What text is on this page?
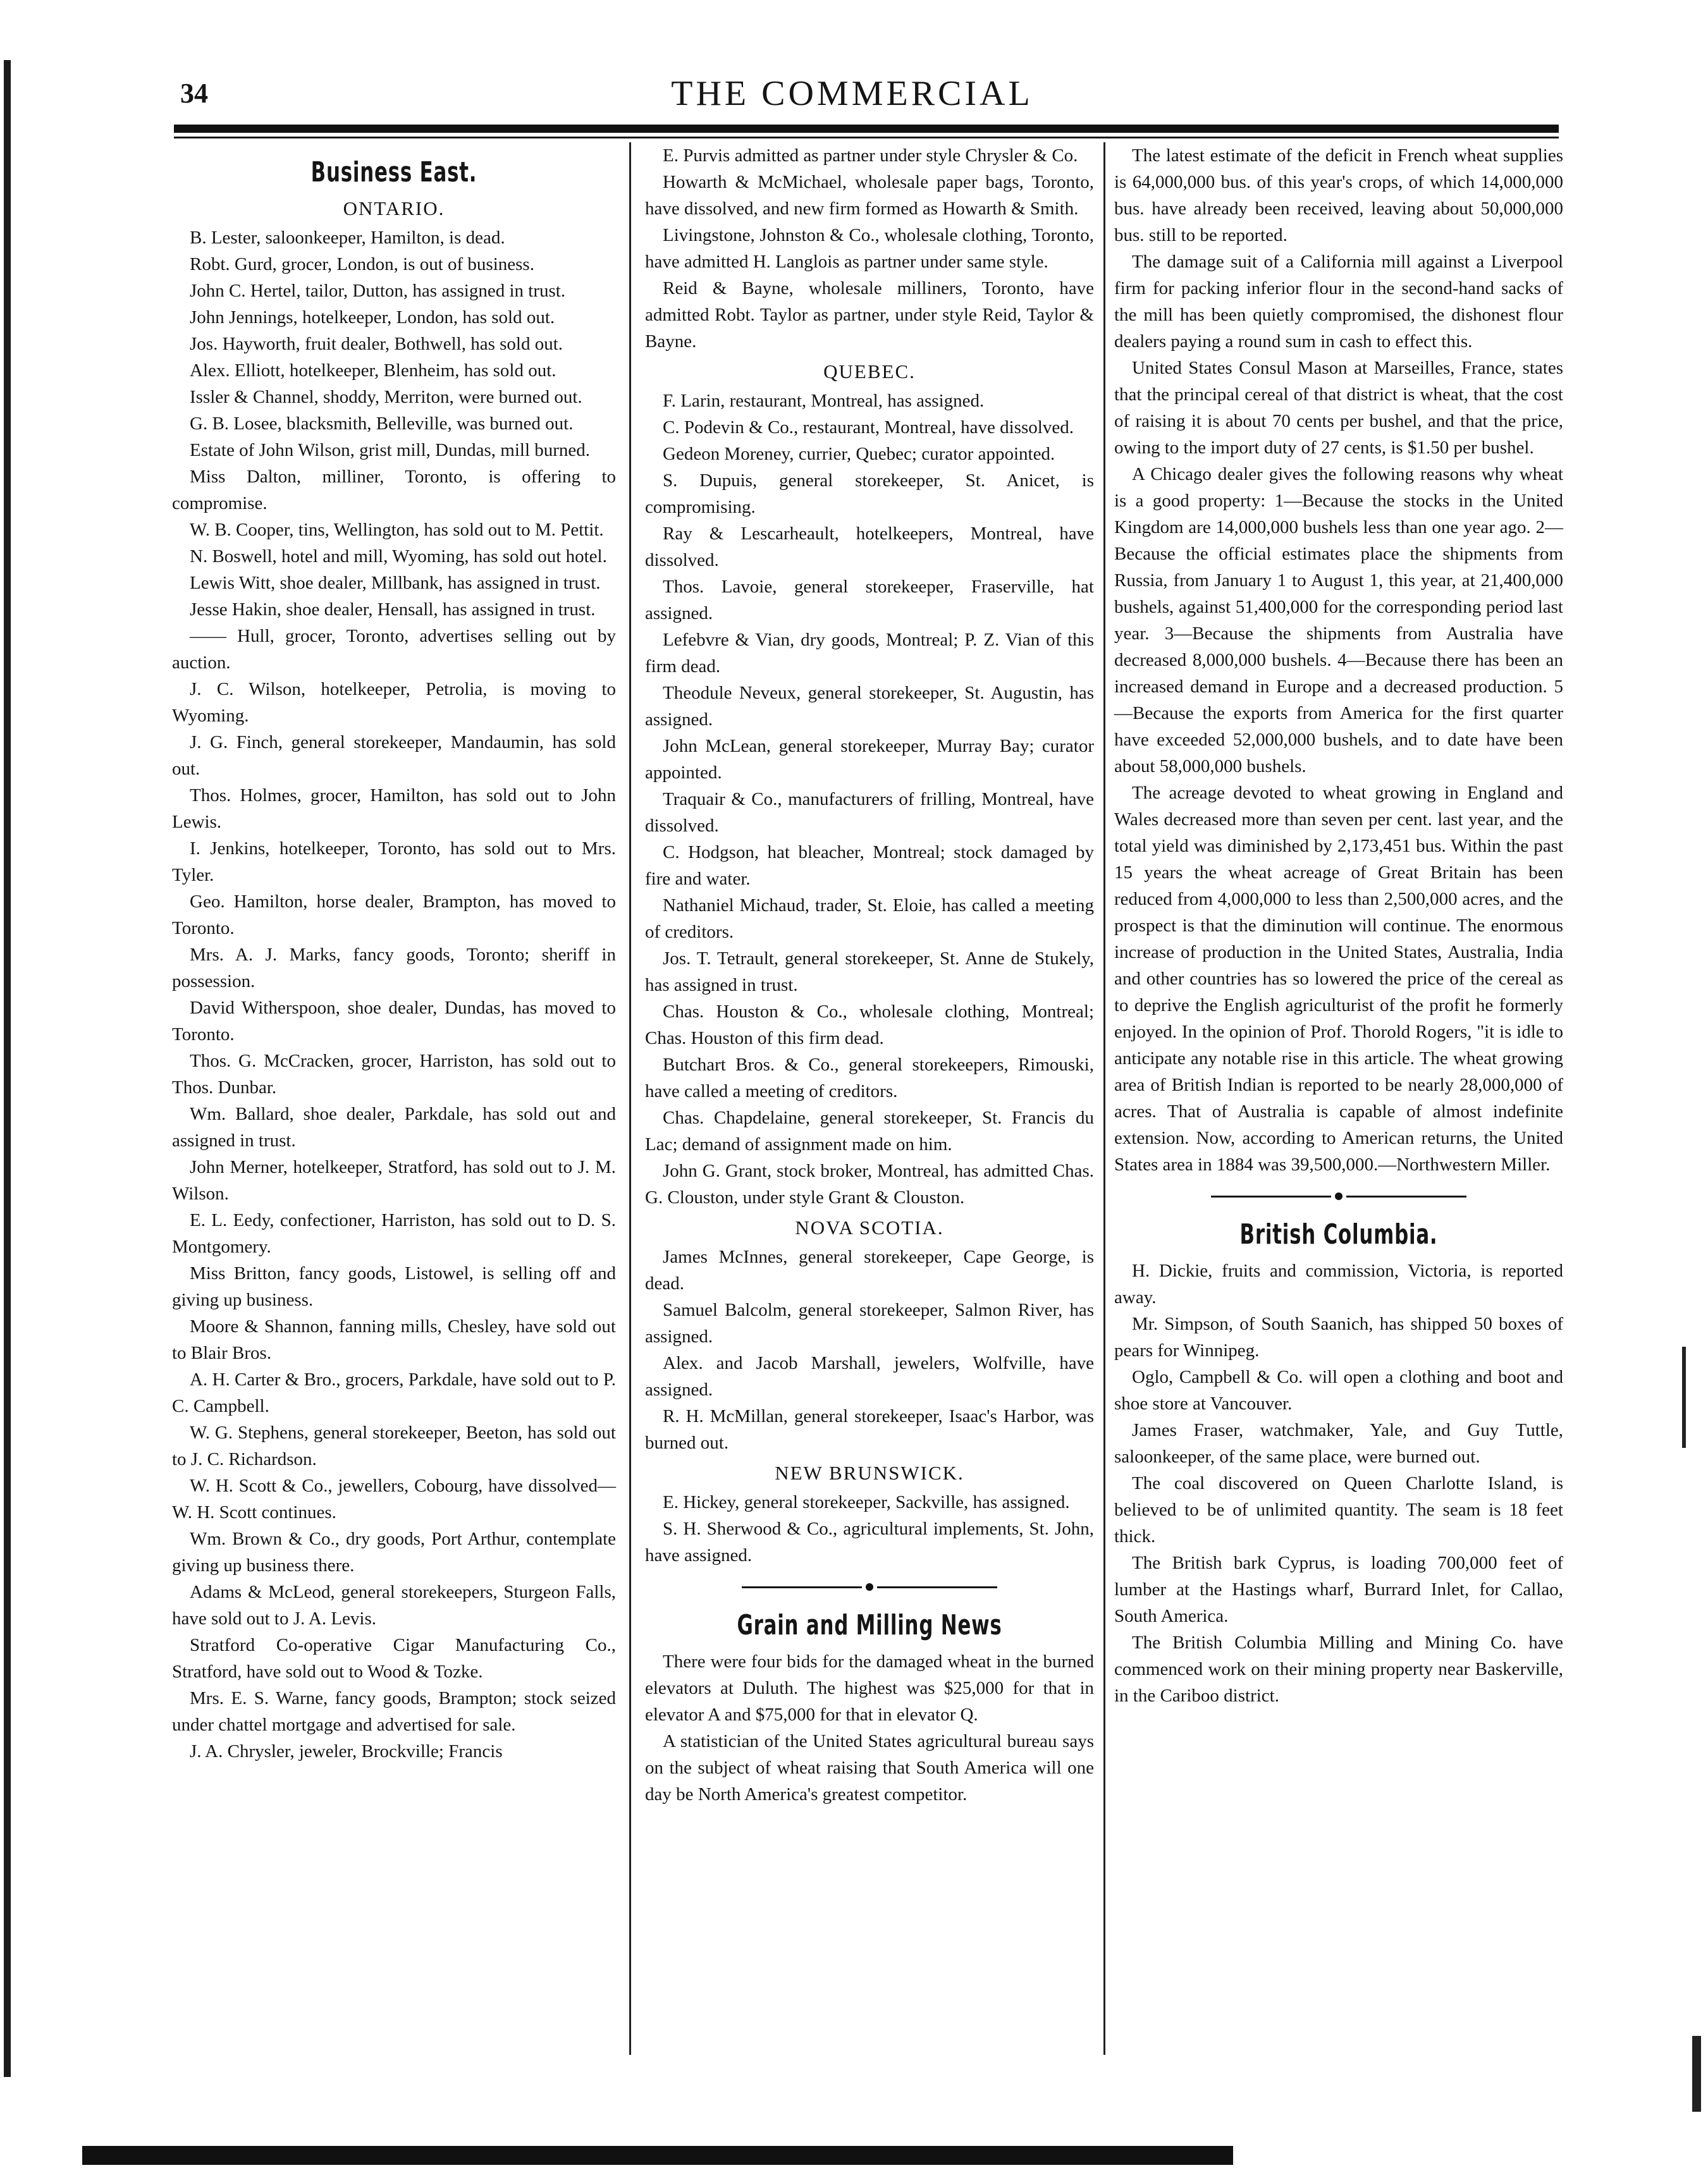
34	THE COMMERCIAL
Business East.
ONTARIO.

B. Lester, saloonkeeper, Hamilton, is dead.

Robt. Gurd, grocer, London, is out of business.

John C. Hertel, tailor, Dutton, has assigned in trust.

John Jennings, hotelkeeper, London, has sold out.

Jos. Hayworth, fruit dealer, Bothwell, has sold out.

Alex. Elliott, hotelkeeper, Blenheim, has sold out.

Issler & Channel, shoddy, Merriton, were burned out.

G. B. Losee, blacksmith, Belleville, was burned out.

Estate of John Wilson, grist mill, Dundas, mill burned.

Miss Dalton, milliner, Toronto, is offering to compromise.

W. B. Cooper, tins, Wellington, has sold out to M. Pettit.

N. Boswell, hotel and mill, Wyoming, has sold out hotel.

Lewis Witt, shoe dealer, Millbank, has assigned in trust.

Jesse Hakin, shoe dealer, Hensall, has assigned in trust.

—— Hull, grocer, Toronto, advertises selling out by auction.

J. C. Wilson, hotelkeeper, Petrolia, is moving to Wyoming.

J. G. Finch, general storekeeper, Mandaumin, has sold out.

Thos. Holmes, grocer, Hamilton, has sold out to John Lewis.

I. Jenkins, hotelkeeper, Toronto, has sold out to Mrs. Tyler.

Geo. Hamilton, horse dealer, Brampton, has moved to Toronto.

Mrs. A. J. Marks, fancy goods, Toronto; sheriff in possession.

David Witherspoon, shoe dealer, Dundas, has moved to Toronto.

Thos. G. McCracken, grocer, Harriston, has sold out to Thos. Dunbar.

Wm. Ballard, shoe dealer, Parkdale, has sold out and assigned in trust.

John Merner, hotelkeeper, Stratford, has sold out to J. M. Wilson.

E. L. Eedy, confectioner, Harriston, has sold out to D. S. Montgomery.

Miss Britton, fancy goods, Listowel, is selling off and giving up business.

Moore & Shannon, fanning mills, Chesley, have sold out to Blair Bros.

A. H. Carter & Bro., grocers, Parkdale, have sold out to P. C. Campbell.

W. G. Stephens, general storekeeper, Beeton, has sold out to J. C. Richardson.

W. H. Scott & Co., jewellers, Cobourg, have dissolved—W. H. Scott continues.

Wm. Brown & Co., dry goods, Port Arthur, contemplate giving up business there.

Adams & McLeod, general storekeepers, Sturgeon Falls, have sold out to J. A. Levis.

Stratford Co-operative Cigar Manufacturing Co., Stratford, have sold out to Wood & Tozke.

Mrs. E. S. Warne, fancy goods, Brampton; stock seized under chattel mortgage and advertised for sale.

J. A. Chrysler, jeweler, Brockville; Francis

E. Purvis admitted as partner under style Chrysler & Co.

Howarth & McMichael, wholesale paper bags, Toronto, have dissolved, and new firm formed as Howarth & Smith.

Livingstone, Johnston & Co., wholesale clothing, Toronto, have admitted H. Langlois as partner under same style.

Reid & Bayne, wholesale milliners, Toronto, have admitted Robt. Taylor as partner, under style Reid, Taylor & Bayne.

QUEBEC.

F. Larin, restaurant, Montreal, has assigned.

C. Podevin & Co., restaurant, Montreal, have dissolved.

Gedeon Moreney, currier, Quebec; curator appointed.

S. Dupuis, general storekeeper, St. Anicet, is compromising.

Ray & Lescarheault, hotelkeepers, Montreal, have dissolved.

Thos. Lavoie, general storekeeper, Fraserville, hat assigned.

Lefebvre & Vian, dry goods, Montreal; P. Z. Vian of this firm dead.

Theodule Neveux, general storekeeper, St. Augustin, has assigned.

John McLean, general storekeeper, Murray Bay; curator appointed.

Traquair & Co., manufacturers of frilling, Montreal, have dissolved.

C. Hodgson, hat bleacher, Montreal; stock damaged by fire and water.

Nathaniel Michaud, trader, St. Eloie, has called a meeting of creditors.

Jos. T. Tetrault, general storekeeper, St. Anne de Stukely, has assigned in trust.

Chas. Houston & Co., wholesale clothing, Montreal; Chas. Houston of this firm dead.

Butchart Bros. & Co., general storekeepers, Rimouski, have called a meeting of creditors.

Chas. Chapdelaine, general storekeeper, St. Francis du Lac; demand of assignment made on him.

John G. Grant, stock broker, Montreal, has admitted Chas. G. Clouston, under style Grant & Clouston.

NOVA SCOTIA.

James McInnes, general storekeeper, Cape George, is dead.

Samuel Balcolm, general storekeeper, Salmon River, has assigned.

Alex. and Jacob Marshall, jewelers, Wolfville, have assigned.

R. H. McMillan, general storekeeper, Isaac's Harbor, was burned out.

NEW BRUNSWICK.

E. Hickey, general storekeeper, Sackville, has assigned.

S. H. Sherwood & Co., agricultural implements, St. John, have assigned.

Grain and Milling News

There were four bids for the damaged wheat in the burned elevators at Duluth. The highest was $25,000 for that in elevator A and $75,000 for that in elevator Q.

A statistician of the United States agricultural bureau says on the subject of wheat raising that South America will one day be North America's greatest competitor.

The latest estimate of the deficit in French wheat supplies is 64,000,000 bus. of this year's crops, of which 14,000,000 bus. have already been received, leaving about 50,000,000 bus. still to be reported.

The damage suit of a California mill against a Liverpool firm for packing inferior flour in the second-hand sacks of the mill has been quietly compromised, the dishonest flour dealers paying a round sum in cash to effect this.

United States Consul Mason at Marseilles, France, states that the principal cereal of that district is wheat, that the cost of raising it is about 70 cents per bushel, and that the price, owing to the import duty of 27 cents, is $1.50 per bushel.

A Chicago dealer gives the following reasons why wheat is a good property: 1—Because the stocks in the United Kingdom are 14,000,000 bushels less than one year ago. 2—Because the official estimates place the shipments from Russia, from January 1 to August 1, this year, at 21,400,000 bushels, against 51,400,000 for the corresponding period last year. 3—Because the shipments from Australia have decreased 8,000,000 bushels. 4—Because there has been an increased demand in Europe and a decreased production. 5—Because the exports from America for the first quarter have exceeded 52,000,000 bushels, and to date have been about 58,000,000 bushels.

The acreage devoted to wheat growing in England and Wales decreased more than seven per cent. last year, and the total yield was diminished by 2,173,451 bus. Within the past 15 years the wheat acreage of Great Britain has been reduced from 4,000,000 to less than 2,500,000 acres, and the prospect is that the diminution will continue. The enormous increase of production in the United States, Australia, India and other countries has so lowered the price of the cereal as to deprive the English agriculturist of the profit he formerly enjoyed. In the opinion of Prof. Thorold Rogers, "it is idle to anticipate any notable rise in this article. The wheat growing area of British Indian is reported to be nearly 28,000,000 of acres. That of Australia is capable of almost indefinite extension. Now, according to American returns, the United States area in 1884 was 39,500,000.—Northwestern Miller.

British Columbia.

H. Dickie, fruits and commission, Victoria, is reported away.

Mr. Simpson, of South Saanich, has shipped 50 boxes of pears for Winnipeg.

Oglo, Campbell & Co. will open a clothing and boot and shoe store at Vancouver.

James Fraser, watchmaker, Yale, and Guy Tuttle, saloonkeeper, of the same place, were burned out.

The coal discovered on Queen Charlotte Island, is believed to be of unlimited quantity. The seam is 18 feet thick.

The British bark Cyprus, is loading 700,000 feet of lumber at the Hastings wharf, Burrard Inlet, for Callao, South America.

The British Columbia Milling and Mining Co. have commenced work on their mining property near Baskerville, in the Cariboo district.
